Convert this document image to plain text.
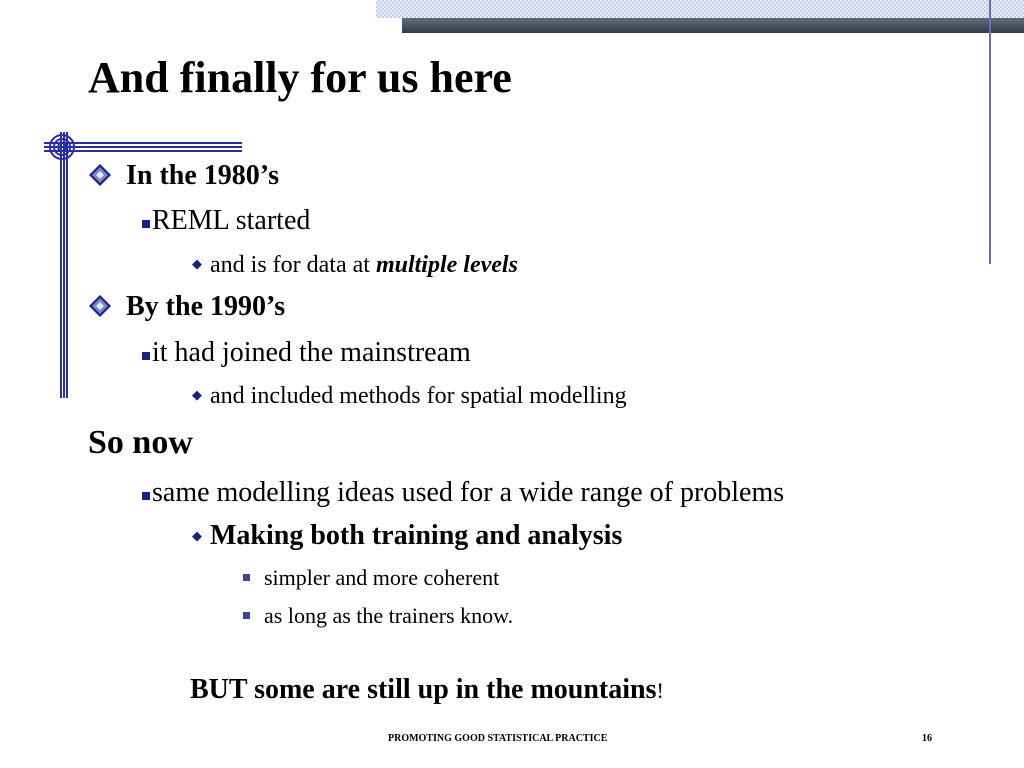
And finally for us here
In the 1980’s
REML started
◆ and is for data at multiple levels
By the 1990’s
it had joined the mainstream
◆ and included methods for spatial modelling
So now
same modelling ideas used for a wide range of problems
◆ Making both training and analysis
simpler and more coherent
as long as the trainers know.
BUT some are still up in the mountains!
PROMOTING GOOD STATISTICAL PRACTICE	16
